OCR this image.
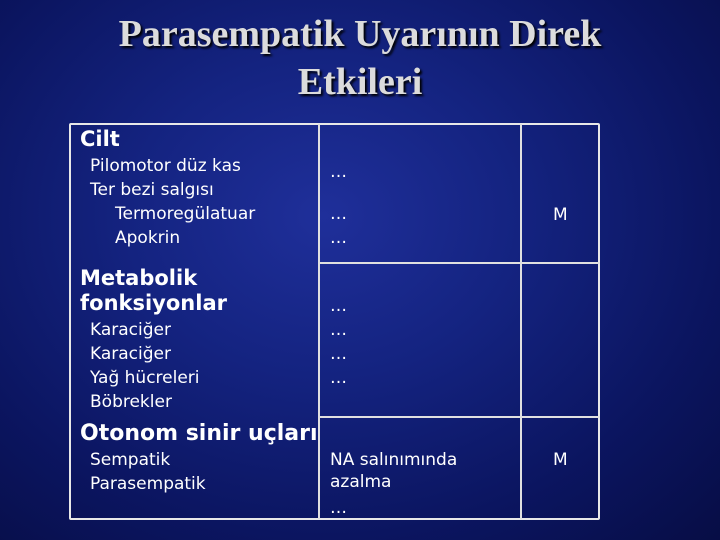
Parasempatik Uyarının Direk
Etkileri
Cilt
Pilomotor düz kas
Ter bezi salgısı
Termoregülatuar
Apokrin
…
…
…
M
Metabolik
fonksiyonlar
Karaciğer
Karaciğer
Yağ hücreleri
Böbrekler
…
…
…
…
Otonom sinir uçları
Sempatik
Parasempatik
NA salınımında
azalma
…
M
